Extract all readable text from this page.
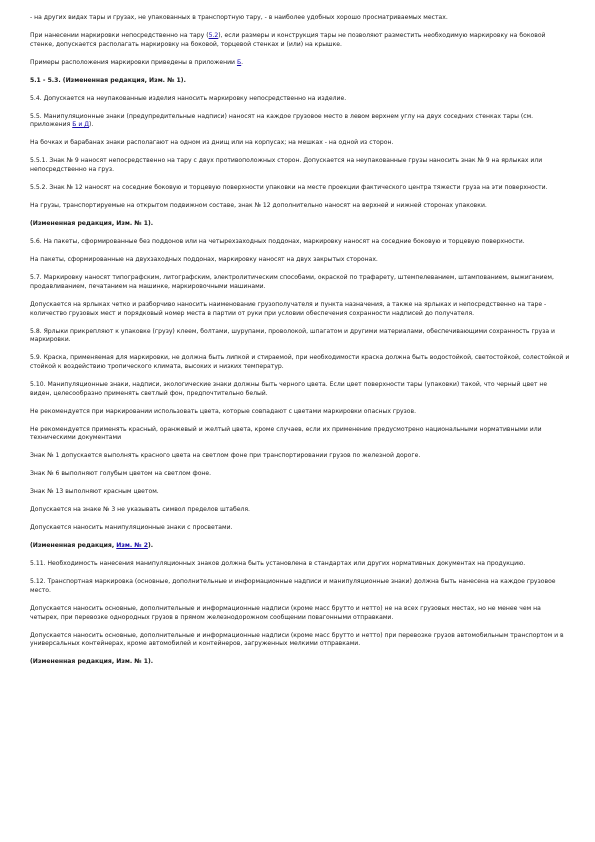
- на других видах тары и грузах, не упакованных в транспортную тару, - в наиболее удобных хорошо просматриваемых местах.

При нанесении маркировки непосредственно на тару (5.2), если размеры и конструкция тары не позволяют разместить необходимую маркировку на боковой стенке, допускается располагать маркировку на боковой, торцевой стенках и (или) на крышке.

Примеры расположения маркировки приведены в приложении Б.

5.1 - 5.3. (Измененная редакция, Изм. № 1).

5.4. Допускается на неупакованные изделия наносить маркировку непосредственно на изделие.

5.5. Манипуляционные знаки (предупредительные надписи) наносят на каждое грузовое место в левом верхнем углу на двух соседних стенках тары (см. приложения Б и Д).

На бочках и барабанах знаки располагают на одном из днищ или на корпусах; на мешках - на одной из сторон.

5.5.1. Знак № 9 наносят непосредственно на тару с двух противоположных сторон. Допускается на неупакованные грузы наносить знак № 9 на ярлыках или непосредственно на груз.

5.5.2. Знак № 12 наносят на соседние боковую и торцевую поверхности упаковки на месте проекции фактического центра тяжести груза на эти поверхности.

На грузы, транспортируемые на открытом подвижном составе, знак № 12 дополнительно наносят на верхней и нижней сторонах упаковки.

(Измененная редакция, Изм. № 1).

5.6. На пакеты, сформированные без поддонов или на четырехзаходных поддонах, маркировку наносят на соседние боковую и торцевую поверхности.

На пакеты, сформированные на двухзаходных поддонах, маркировку наносят на двух закрытых сторонах.

5.7. Маркировку наносят типографским, литографским, электролитическим способами, окраской по трафарету, штемпелеванием, штампованием, выжиганием, продавливанием, печатанием на машинке, маркировочными машинами.

Допускается на ярлыках четко и разборчиво наносить наименование грузополучателя и пункта назначения, а также на ярлыках и непосредственно на таре - количество грузовых мест и порядковый номер места в партии от руки при условии обеспечения сохранности надписей до получателя.

5.8. Ярлыки прикрепляют к упаковке (грузу) клеем, болтами, шурупами, проволокой, шпагатом и другими материалами, обеспечивающими сохранность груза и маркировки.

5.9. Краска, применяемая для маркировки, не должна быть липкой и стираемой, при необходимости краска должна быть водостойкой, светостойкой, солестойкой и стойкой к воздействию тропического климата, высоких и низких температур.

5.10. Манипуляционные знаки, надписи, экологические знаки должны быть черного цвета. Если цвет поверхности тары (упаковки) такой, что черный цвет не виден, целесообразно применять светлый фон, предпочтительно белый.

Не рекомендуется при маркировании использовать цвета, которые совпадают с цветами маркировки опасных грузов.

Не рекомендуется применять красный, оранжевый и желтый цвета, кроме случаев, если их применение предусмотрено национальными нормативными или техническими документами

Знак № 1 допускается выполнять красного цвета на светлом фоне при транспортировании грузов по железной дороге.

Знак № 6 выполняют голубым цветом на светлом фоне.

Знак № 13 выполняют красным цветом.

Допускается на знаке № 3 не указывать символ пределов штабеля.

Допускается наносить манипуляционные знаки с просветами.

(Измененная редакция, Изм. № 2).

5.11. Необходимость нанесения манипуляционных знаков должна быть установлена в стандартах или других нормативных документах на продукцию.

5.12. Транспортная маркировка (основные, дополнительные и информационные надписи и манипуляционные знаки) должна быть нанесена на каждое грузовое место.

Допускается наносить основные, дополнительные и информационные надписи (кроме масс брутто и нетто) не на всех грузовых местах, но не менее чем на четырех, при перевозке однородных грузов в прямом железнодорожном сообщении повагонными отправками.

Допускается наносить основные, дополнительные и информационные надписи (кроме масс брутто и нетто) при перевозке грузов автомобильным транспортом и в универсальных контейнерах, кроме автомобилей и контейнеров, загруженных мелкими отправками.

(Измененная редакция, Изм. № 1).
